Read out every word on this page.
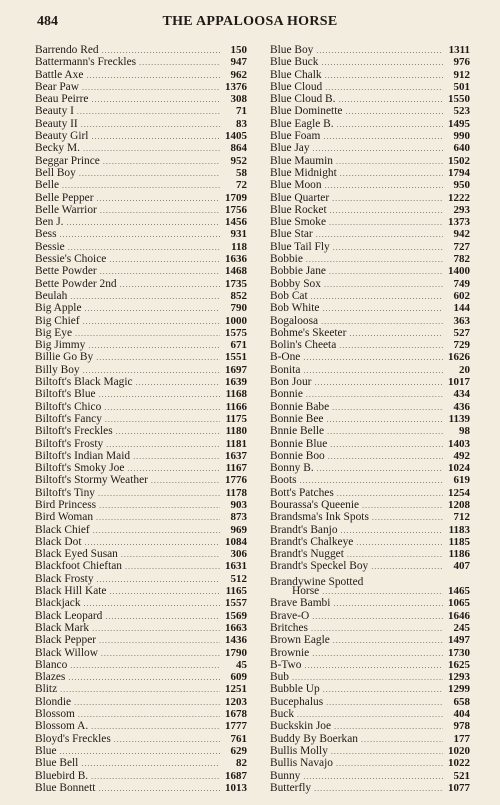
484	THE APPALOOSA HORSE
Barrendo Red .....	150
Battermann's Freckles .....	947
Battle Axe .....	962
Bear Paw .....	1376
Beau Peirre .....	308
Beauty I .....	71
Beauty II .....	83
Beauty Girl .....	1405
Becky M. .....	864
Beggar Prince .....	952
Bell Boy .....	58
Belle .....	72
Belle Pepper .....	1709
Belle Warrior .....	1756
Ben J. .....	1456
Bess .....	931
Bessie .....	118
Bessie's Choice .....	1636
Bette Powder .....	1468
Bette Powder 2nd .....	1735
Beulah .....	852
Big Apple .....	790
Big Chief .....	1000
Big Eye .....	1575
Big Jimmy .....	671
Billie Go By .....	1551
Billy Boy .....	1697
Biltoft's Black Magic .....	1639
Biltoft's Blue .....	1168
Biltoft's Chico .....	1166
Biltoft's Fancy .....	1175
Biltoft's Freckles .....	1180
Biltoft's Frosty .....	1181
Biltoft's Indian Maid .....	1637
Biltoft's Smoky Joe .....	1167
Biltoft's Stormy Weather .....	1776
Biltoft's Tiny .....	1178
Bird Princess .....	903
Bird Woman .....	873
Black Chief .....	969
Black Dot .....	1084
Black Eyed Susan .....	306
Blackfoot Chieftan .....	1631
Black Frosty .....	512
Black Hill Kate .....	1165
Blackjack .....	1557
Black Leopard .....	1569
Black Mark .....	1663
Black Pepper .....	1436
Black Willow .....	1790
Blanco .....	45
Blazes .....	609
Blitz .....	1251
Blondie .....	1203
Blossom .....	1678
Blossom A. .....	1777
Bloyd's Freckles .....	761
Blue .....	629
Blue Bell .....	82
Bluebird B. .....	1687
Blue Bonnett .....	1013
Blue Boy .....	1311
Blue Buck .....	976
Blue Chalk .....	912
Blue Cloud .....	501
Blue Cloud B. .....	1550
Blue Dominette .....	523
Blue Eagle B. .....	1495
Blue Foam .....	990
Blue Jay .....	640
Blue Maumin .....	1502
Blue Midnight .....	1794
Blue Moon .....	950
Blue Quarter .....	1222
Blue Rocket .....	293
Blue Smoke .....	1373
Blue Star .....	942
Blue Tail Fly .....	727
Bobbie .....	782
Bobbie Jane .....	1400
Bobby Sox .....	749
Bob Cat .....	602
Bob White .....	144
Bogaloosa .....	363
Bohme's Skeeter .....	527
Bolin's Cheeta .....	729
B-One .....	1626
Bonita .....	20
Bon Jour .....	1017
Bonnie .....	434
Bonnie Babe .....	436
Bonnie Bee .....	1139
Bnnie Belle .....	98
Bonnie Blue .....	1403
Bonnie Boo .....	492
Bonny B. .....	1024
Boots .....	619
Bott's Patches .....	1254
Bourassa's Queenie .....	1208
Brandsma's Ink Spots .....	712
Brandt's Banjo .....	1183
Brandt's Chalkeye .....	1185
Brandt's Nugget .....	1186
Brandt's Speckel Boy .....	407
Brandywine Spotted
Horse .....	1465
Brave Bambi .....	1065
Brave-O .....	1646
Britches .....	245
Brown Eagle .....	1497
Brownie .....	1730
B-Two .....	1625
Bub .....	1293
Bubble Up .....	1299
Bucephalus .....	658
Buck .....	404
Buckskin Joe .....	978
Buddy By Boerkan .....	177
Bullis Molly .....	1020
Bullis Navajo .....	1022
Bunny .....	521
Butterfly .....	1077
